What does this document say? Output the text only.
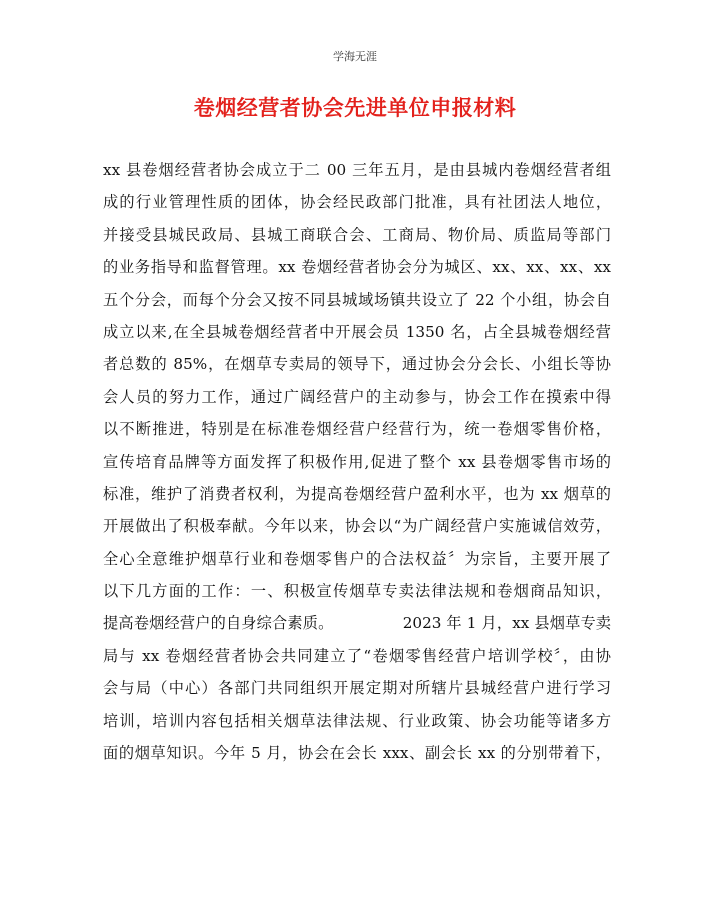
学海无涯
卷烟经营者协会先进单位申报材料
xx 县卷烟经营者协会成立于二 00 三年五月，是由县城内卷烟经营者组
成的行业管理性质的团体，协会经民政部门批准，具有社团法人地位，
并接受县城民政局、县城工商联合会、工商局、物价局、质监局等部门
的业务指导和监督管理。xx 卷烟经营者协会分为城区、xx、xx、xx、xx
五个分会，而每个分会又按不同县城域场镇共设立了 22 个小组，协会自
成立以来,在全县城卷烟经营者中开展会员 1350 名，占全县城卷烟经营
者总数的 85%，在烟草专卖局的领导下，通过协会分会长、小组长等协
会人员的努力工作，通过广阔经营户的主动参与，协会工作在摸索中得
以不断推进，特别是在标准卷烟经营户经营行为，统一卷烟零售价格，
宣传培育品牌等方面发挥了积极作用,促进了整个 xx 县卷烟零售市场的
标准，维护了消费者权利，为提高卷烟经营户盈利水平，也为 xx 烟草的
开展做出了积极奉献。今年以来，协会以“为广阔经营户实施诚信效劳，
全心全意维护烟草行业和卷烟零售户的合法权益〞为宗旨，主要开展了
以下几方面的工作：一、积极宣传烟草专卖法律法规和卷烟商品知识，
提高卷烟经营户的自身综合素质。　　　　　2023 年 1 月，xx 县烟草专卖
局与 xx 卷烟经营者协会共同建立了“卷烟零售经营户培训学校〞，由协
会与局（中心）各部门共同组织开展定期对所辖片县城经营户进行学习
培训，培训内容包括相关烟草法律法规、行业政策、协会功能等诸多方
面的烟草知识。今年 5 月，协会在会长 xxx、副会长 xx 的分别带着下，
